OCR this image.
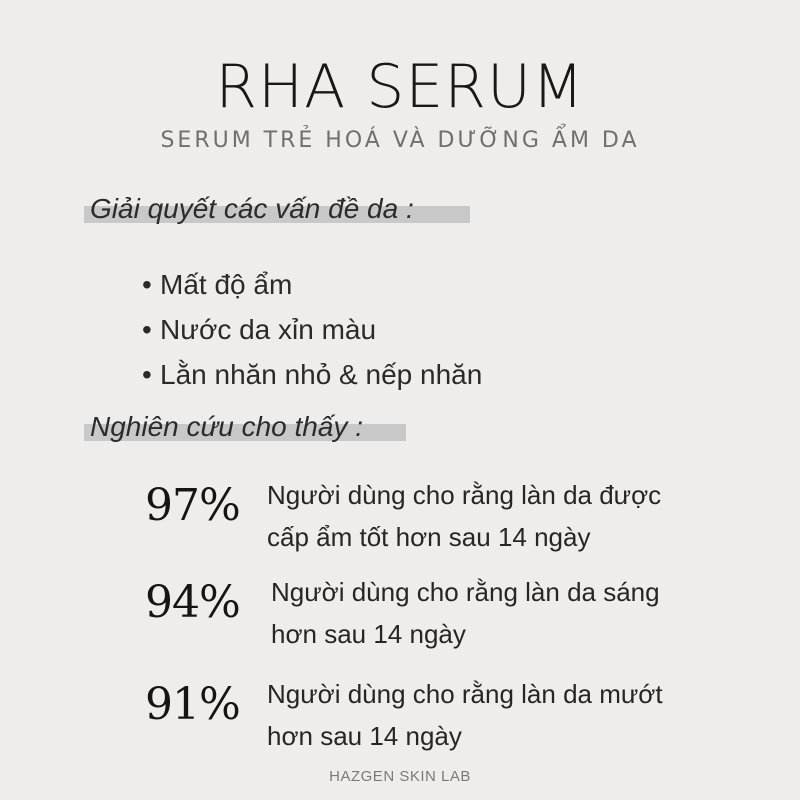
RHA SERUM
SERUM TRẺ HOÁ VÀ DƯỠNG ẨM DA
Giải quyết các vấn đề da :
• Mất độ ẩm
• Nước da xỉn màu
• Lằn nhăn nhỏ & nếp nhăn
Nghiên cứu cho thấy :
97% Người dùng cho rằng làn da được
cấp ẩm tốt hơn sau 14 ngày
94% Người dùng cho rằng làn da sáng
hơn sau 14 ngày
91% Người dùng cho rằng làn da mướt
hơn sau 14 ngày
HAZGEN SKIN LAB
